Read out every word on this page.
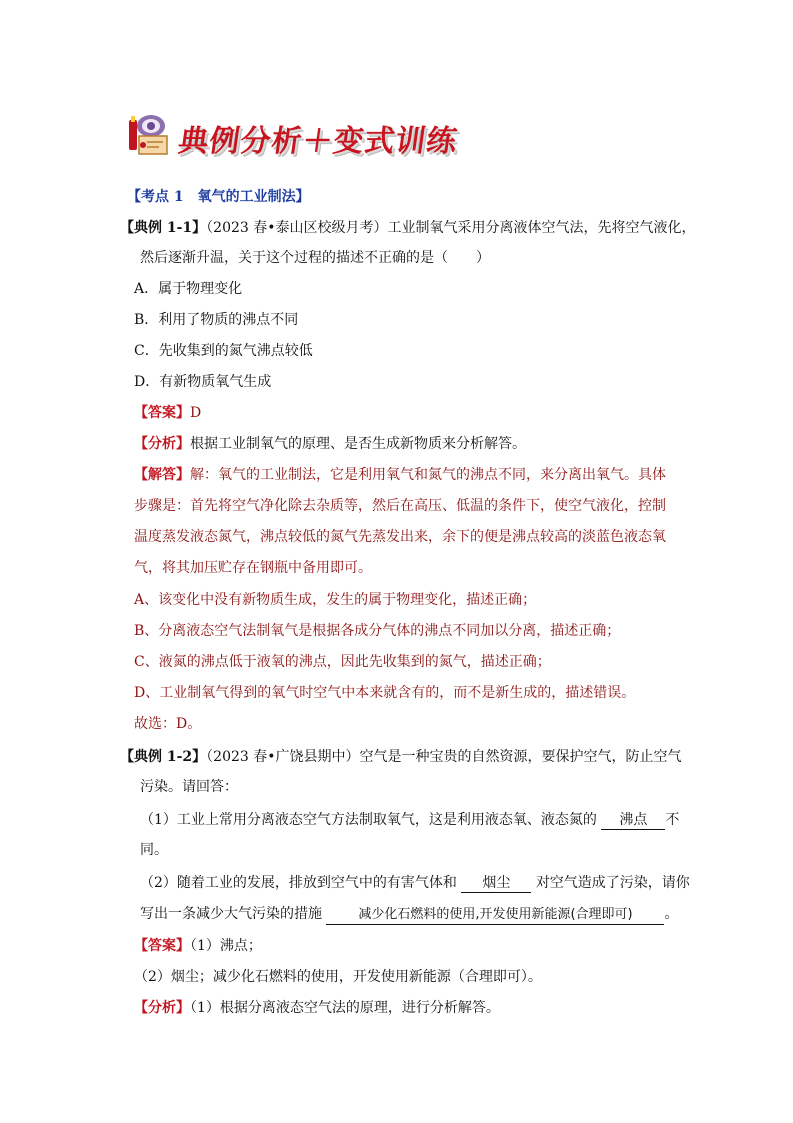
典例分析＋变式训练
【考点 1　氧气的工业制法】
【典例 1-1】（2023 春•泰山区校级月考）工业制氧气采用分离液体空气法，先将空气液化，
然后逐渐升温，关于这个过程的描述不正确的是（　　）
A．属于物理变化
B．利用了物质的沸点不同
C．先收集到的氮气沸点较低
D．有新物质氧气生成
【答案】D
【分析】根据工业制氧气的原理、是否生成新物质来分析解答。
【解答】解：氧气的工业制法，它是利用氧气和氮气的沸点不同，来分离出氧气。具体
步骤是：首先将空气净化除去杂质等，然后在高压、低温的条件下，使空气液化，控制
温度蒸发液态氮气，沸点较低的氮气先蒸发出来，余下的便是沸点较高的淡蓝色液态氧
气，将其加压贮存在钢瓶中备用即可。
A、该变化中没有新物质生成，发生的属于物理变化，描述正确；
B、分离液态空气法制氧气是根据各成分气体的沸点不同加以分离，描述正确；
C、液氮的沸点低于液氧的沸点，因此先收集到的氮气，描述正确；
D、工业制氧气得到的氧气时空气中本来就含有的，而不是新生成的，描述错误。
故选：D。
【典例 1-2】（2023 春•广饶县期中）空气是一种宝贵的自然资源，要保护空气，防止空气
污染。请回答：
（1）工业上常用分离液态空气方法制取氧气，这是利用液态氧、液态氮的 沸点 不
同。
（2）随着工业的发展，排放到空气中的有害气体和 烟尘 对空气造成了污染，请你
写出一条减少大气污染的措施	减少化石燃料的使用,开发使用新能源(合理即可) 。
【答案】（1）沸点；
（2）烟尘；减少化石燃料的使用，开发使用新能源（合理即可）。
【分析】（1）根据分离液态空气法的原理，进行分析解答。
